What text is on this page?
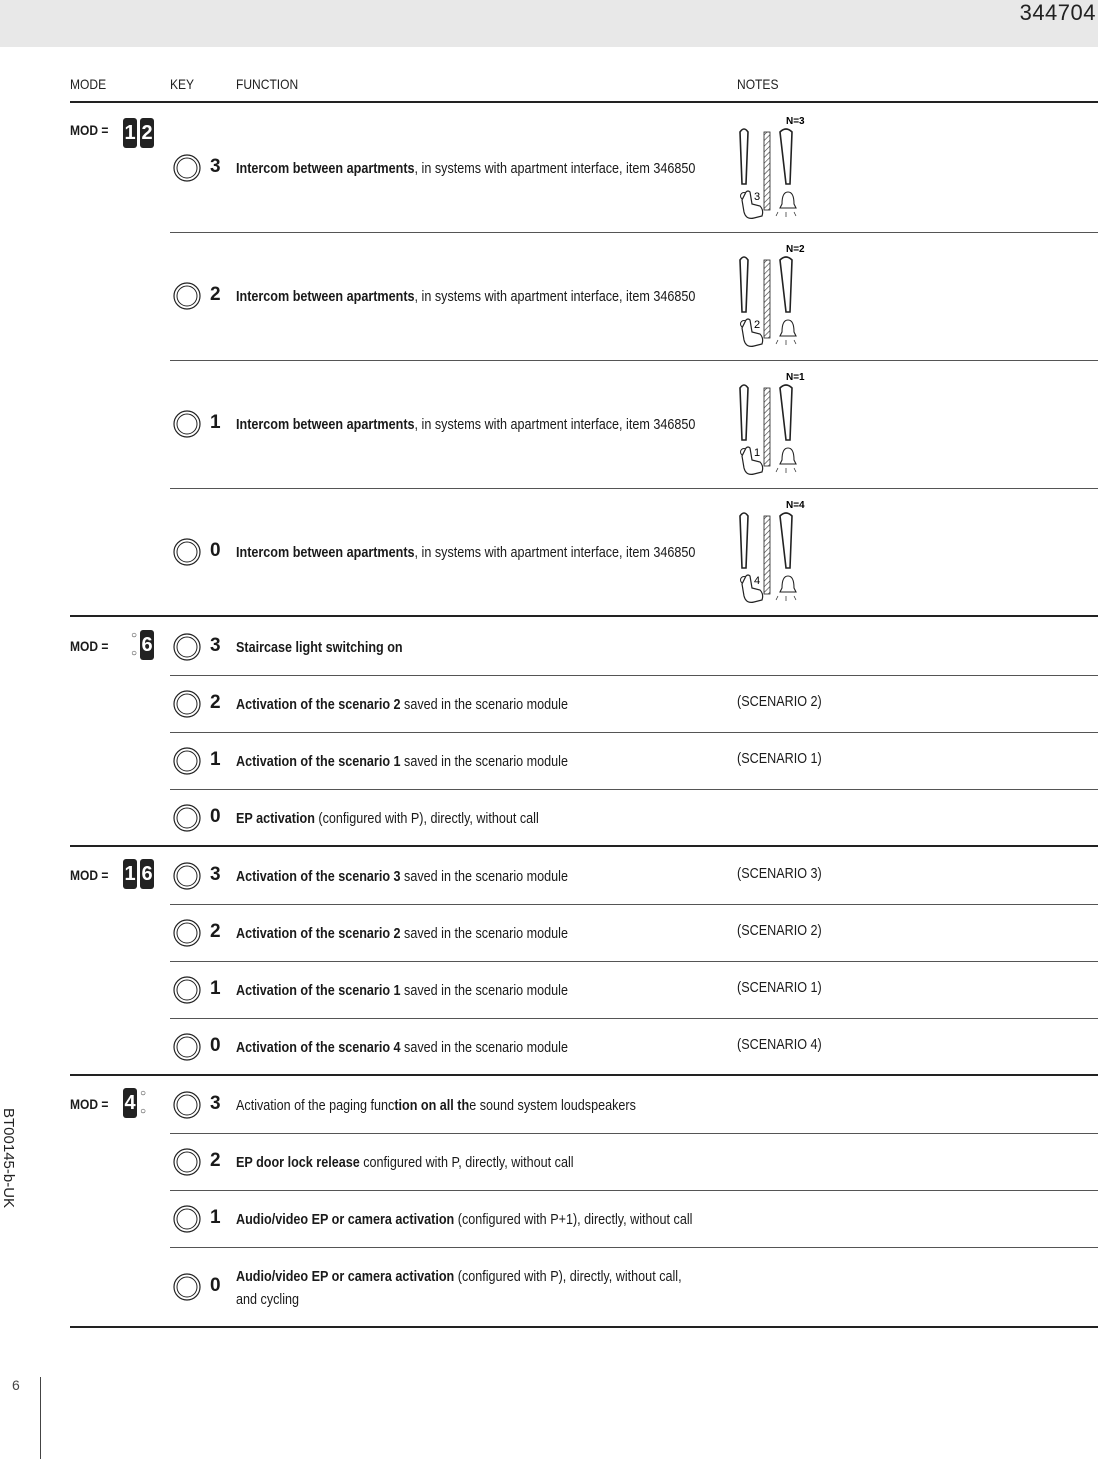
344704
MODE	KEY	FUNCTION	NOTES
MOD = 1 2
3 Intercom between apartments, in systems with apartment interface, item 346850
N=3
3
2 Intercom between apartments, in systems with apartment interface, item 346850
N=2
2
1 Intercom between apartments, in systems with apartment interface, item 346850
N=1
1
0 Intercom between apartments, in systems with apartment interface, item 346850
N=4
4
MOD =
○
○ 6	3 Staircase light switching on
2 Activation of the scenario 2 saved in the scenario module	(SCENARIO 2)
1 Activation of the scenario 1 saved in the scenario module	(SCENARIO 1)
0 EP activation (configured with P), directly, without call
MOD = 1 6	3 Activation of the scenario 3 saved in the scenario module	(SCENARIO 3)
2 Activation of the scenario 2 saved in the scenario module	(SCENARIO 2)
1 Activation of the scenario 1 saved in the scenario module	(SCENARIO 1)
0 Activation of the scenario 4 saved in the scenario module	(SCENARIO 4)
MOD = 4 ○
○	3 Activation of the paging function on all the sound system loudspeakers
2 EP door lock release configured with P, directly, without call
1 Audio/video EP or camera activation (configured with P+1), directly, without call
0 Audio/video EP or camera activation (configured with P), directly, without call,
and cycling
BT00145-b-UK
6
